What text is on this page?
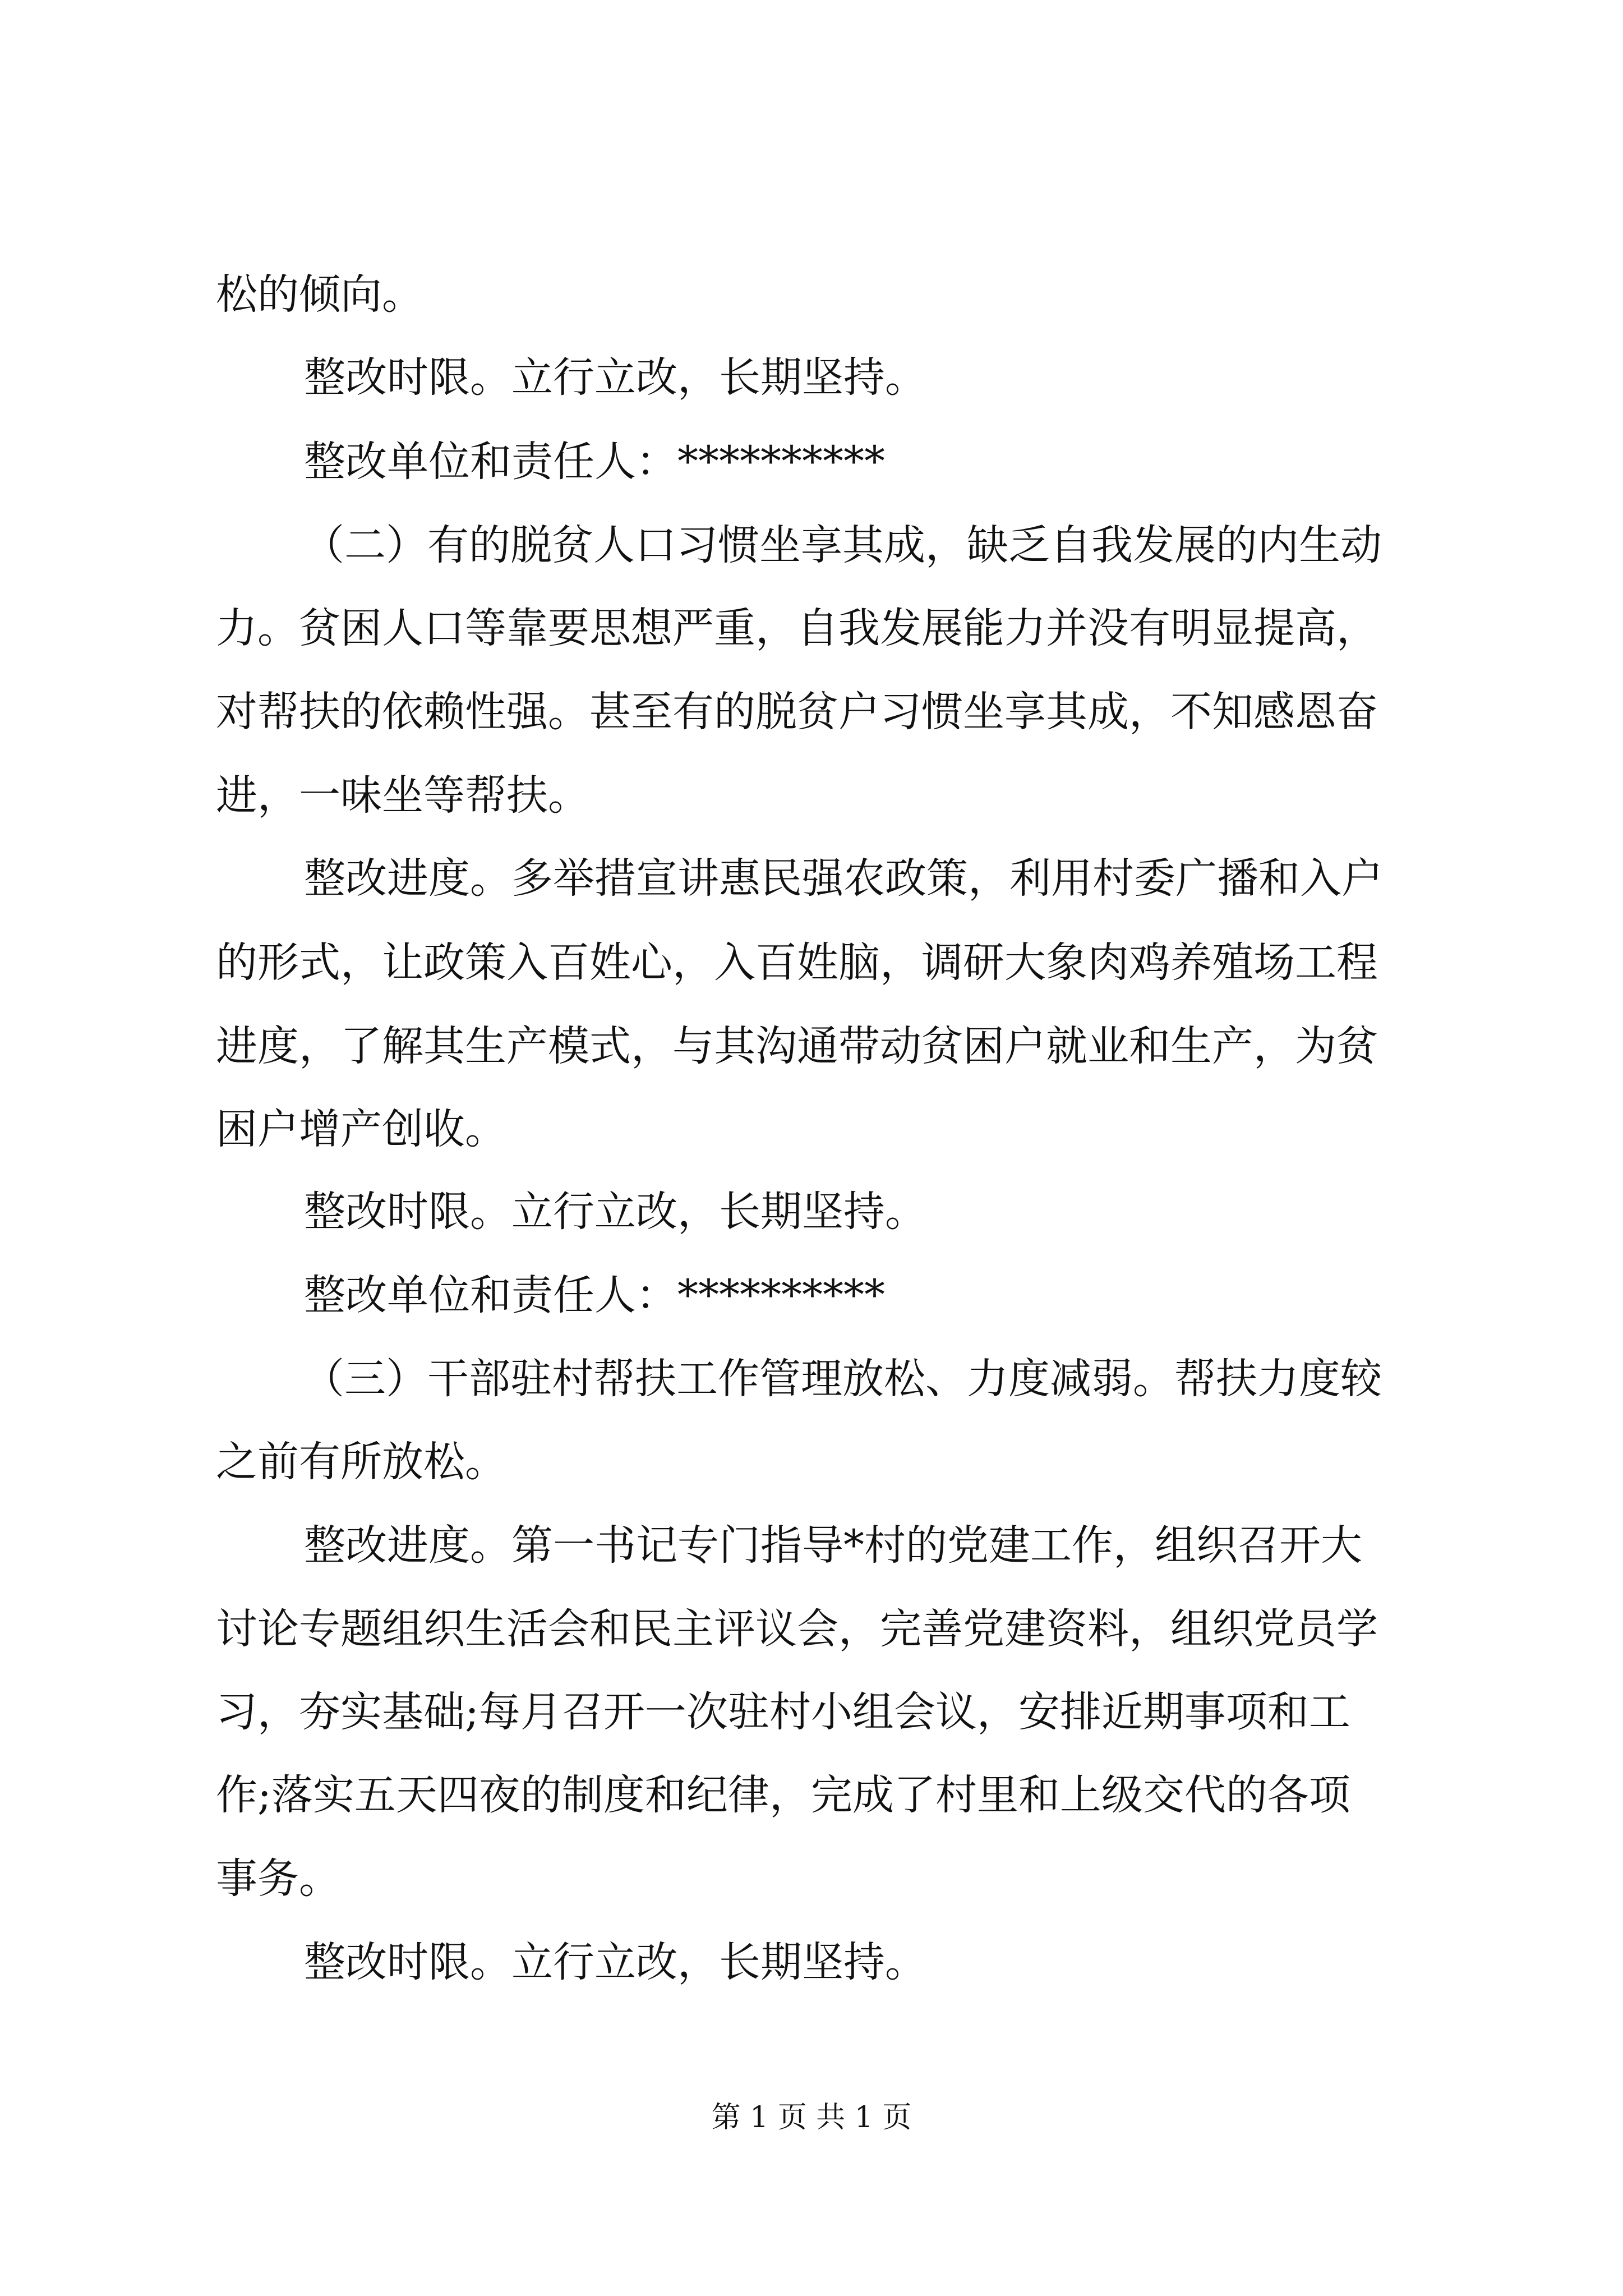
松的倾向。
整改时限。立行立改，长期坚持。
整改单位和责任人：**********
（二）有的脱贫人口习惯坐享其成，缺乏自我发展的内生动
力。贫困人口等靠要思想严重，自我发展能力并没有明显提高，
对帮扶的依赖性强。甚至有的脱贫户习惯坐享其成，不知感恩奋
进，一味坐等帮扶。
整改进度。多举措宣讲惠民强农政策，利用村委广播和入户
的形式，让政策入百姓心，入百姓脑，调研大象肉鸡养殖场工程
进度，了解其生产模式，与其沟通带动贫困户就业和生产，为贫
困户增产创收。
整改时限。立行立改，长期坚持。
整改单位和责任人：**********
（三）干部驻村帮扶工作管理放松、力度减弱。帮扶力度较
之前有所放松。
整改进度。第一书记专门指导*村的党建工作，组织召开大
讨论专题组织生活会和民主评议会，完善党建资料，组织党员学
习，夯实基础;每月召开一次驻村小组会议，安排近期事项和工
作;落实五天四夜的制度和纪律，完成了村里和上级交代的各项
事务。
整改时限。立行立改，长期坚持。
第 1 页 共 1 页
